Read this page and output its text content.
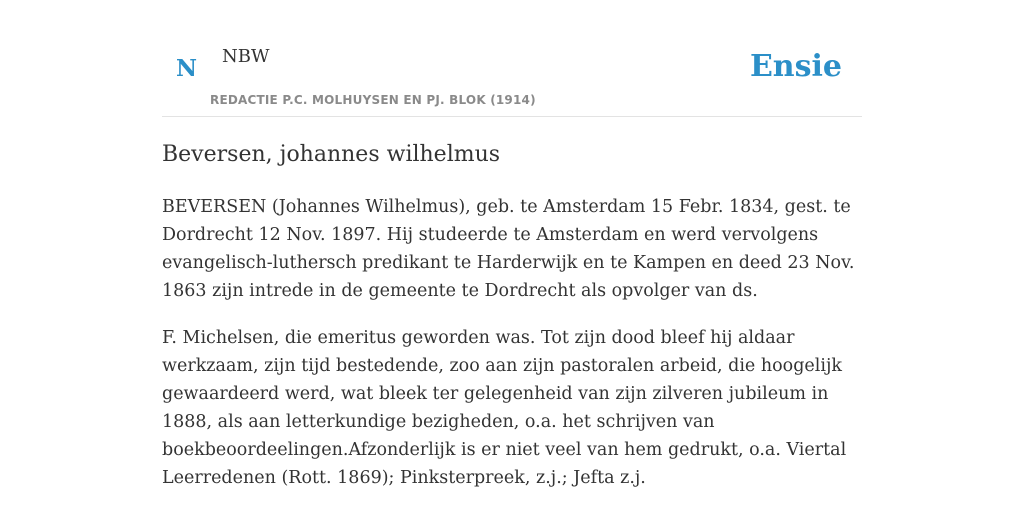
N NBW
REDACTIE P.C. MOLHUYSEN EN PJ. BLOK (1914)
Ensie
Beversen, johannes wilhelmus

BEVERSEN (Johannes Wilhelmus), geb. te Amsterdam 15 Febr. 1834, gest. te Dordrecht 12 Nov. 1897. Hij studeerde te Amsterdam en werd vervolgens evangelisch-luthersch predikant te Harderwijk en te Kampen en deed 23 Nov. 1863 zijn intrede in de gemeente te Dordrecht als opvolger van ds.

F. Michelsen, die emeritus geworden was. Tot zijn dood bleef hij aldaar werkzaam, zijn tijd bestedende, zoo aan zijn pastoralen arbeid, die hoogelijk gewaardeerd werd, wat bleek ter gelegenheid van zijn zilveren jubileum in 1888, als aan letterkundige bezigheden, o.a. het schrijven van boekbeoordeelingen.Afzonderlijk is er niet veel van hem gedrukt, o.a. Viertal Leerredenen (Rott. 1869); Pinksterpreek, z.j.; Jefta z.j.
